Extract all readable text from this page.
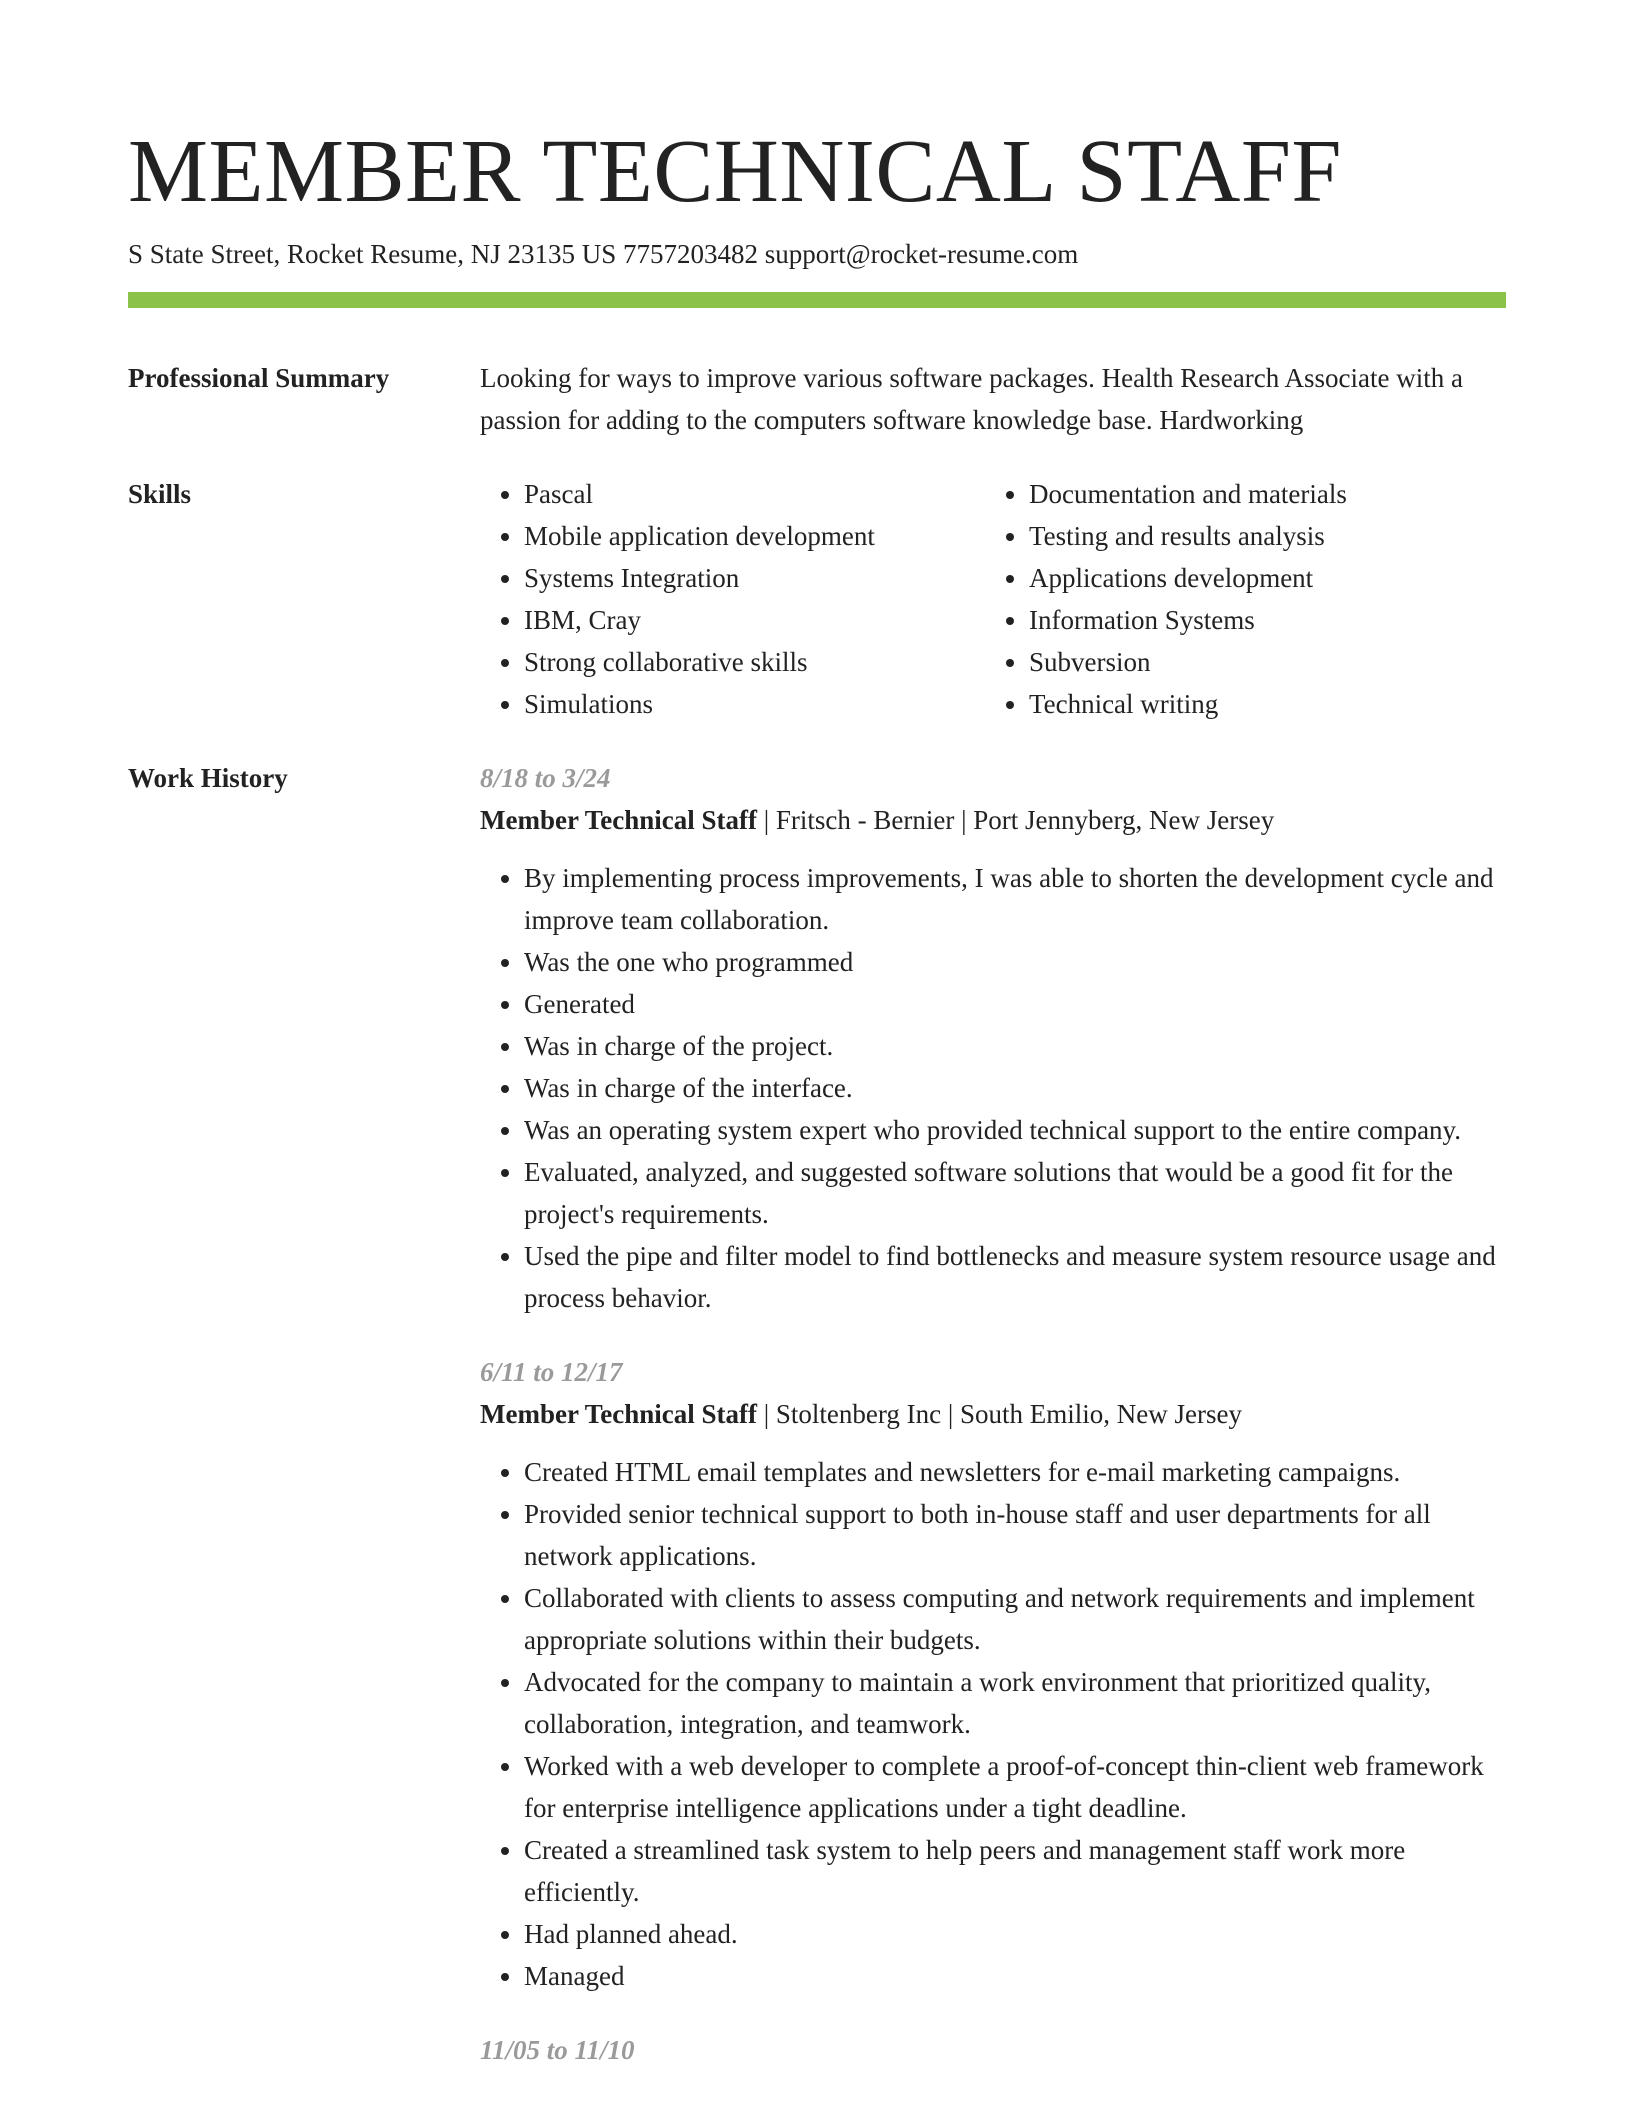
MEMBER TECHNICAL STAFF
S State Street, Rocket Resume, NJ 23135 US 7757203482 support@rocket-resume.com
Professional Summary	Looking for ways to improve various software packages. Health Research Associate with a passion for adding to the computers software knowledge base. Hardworking
Skills
•	Pascal
• Mobile application development
• Systems Integration
• IBM, Cray
• Strong collaborative skills
• Simulations
• Documentation and materials
• Testing and results analysis
• Applications development
• Information Systems
• Subversion
• Technical writing
Work History	8/18 to 3/24
Member Technical Staff | Fritsch - Bernier | Port Jennyberg, New Jersey
• By implementing process improvements, I was able to shorten the development cycle and improve team collaboration.
• Was the one who programmed
• Generated
• Was in charge of the project.
• Was in charge of the interface.
• Was an operating system expert who provided technical support to the entire company.
• Evaluated, analyzed, and suggested software solutions that would be a good fit for the project's requirements.
• Used the pipe and filter model to find bottlenecks and measure system resource usage and process behavior.
6/11 to 12/17
Member Technical Staff | Stoltenberg Inc | South Emilio, New Jersey
• Created HTML email templates and newsletters for e-mail marketing campaigns.
• Provided senior technical support to both in-house staff and user departments for all network applications.
• Collaborated with clients to assess computing and network requirements and implement appropriate solutions within their budgets.
• Advocated for the company to maintain a work environment that prioritized quality, collaboration, integration, and teamwork.
• Worked with a web developer to complete a proof-of-concept thin-client web framework for enterprise intelligence applications under a tight deadline.
• Created a streamlined task system to help peers and management staff work more efficiently.
• Had planned ahead.
• Managed
11/05 to 11/10
